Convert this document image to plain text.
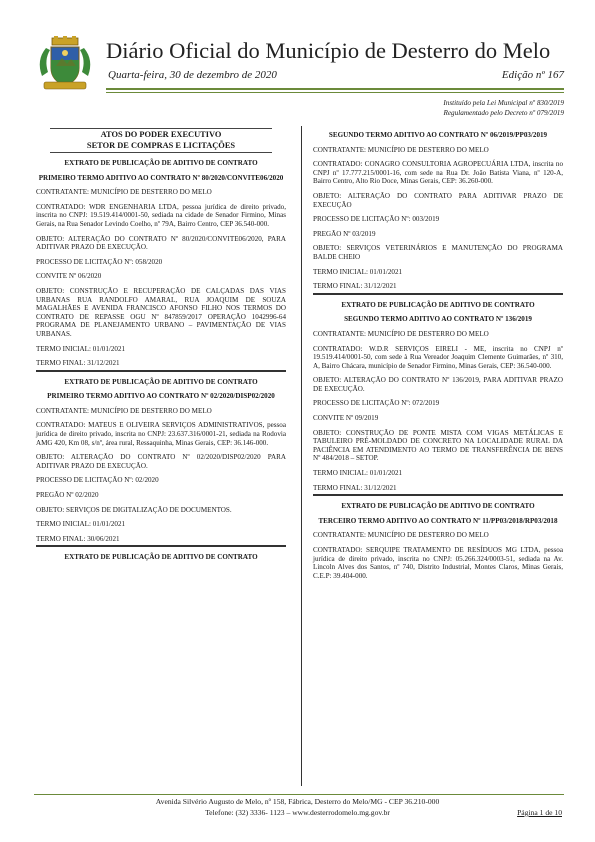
Diário Oficial do Município de Desterro do Melo
Quarta-feira, 30 de dezembro de 2020	Edição nº 167
Instituído pela Lei Municipal nº 830/2019
Regulamentado pelo Decreto nº 079/2019
ATOS DO PODER EXECUTIVO
SETOR DE COMPRAS E LICITAÇÕES
EXTRATO DE PUBLICAÇÃO DE ADITIVO DE CONTRATO
PRIMEIRO TERMO ADITIVO AO CONTRATO Nº 80/2020/CONVITE06/2020
CONTRATANTE: MUNICÍPIO DE DESTERRO DO MELO
CONTRATADO: WDR ENGENHARIA LTDA, pessoa jurídica de direito privado, inscrita no CNPJ: 19.519.414/0001-50, sediada na cidade de Senador Firmino, Minas Gerais, na Rua Senador Levindo Coelho, nº 79A, Bairro Centro, CEP 36.540-000.
OBJETO: ALTERAÇÃO DO CONTRATO Nº 80/2020/CONVITE06/2020, PARA ADITIVAR PRAZO DE EXECUÇÃO.
PROCESSO DE LICITAÇÃO Nº: 058/2020
CONVITE Nº 06/2020
OBJETO: CONSTRUÇÃO E RECUPERAÇÃO DE CALÇADAS DAS VIAS URBANAS RUA RANDOLFO AMARAL, RUA JOAQUIM DE SOUZA MAGALHÃES E AVENIDA FRANCISCO AFONSO FILHO NOS TERMOS DO CONTRATO DE REPASSE OGU Nº 847859/2017 OPERAÇÃO 1042996-64 PROGRAMA DE PLANEJAMENTO URBANO – PAVIMENTAÇÃO DE VIAS URBANAS.
TERMO INICIAL: 01/01/2021
TERMO FINAL: 31/12/2021
EXTRATO DE PUBLICAÇÃO DE ADITIVO DE CONTRATO
PRIMEIRO TERMO ADITIVO AO CONTRATO Nº 02/2020/DISP02/2020
CONTRATANTE: MUNICÍPIO DE DESTERRO DO MELO
CONTRATADO: MATEUS E OLIVEIRA SERVIÇOS ADMINISTRATIVOS, pessoa jurídica de direito privado, inscrita no CNPJ: 23.637.316/0001-21, sediada na Rodovia AMG 420, Km 08, s/nº, área rural, Ressaquinha, Minas Gerais, CEP: 36.146-000.
OBJETO: ALTERAÇÃO DO CONTRATO Nº 02/2020/DISP02/2020 PARA ADITIVAR PRAZO DE EXECUÇÃO.
PROCESSO DE LICITAÇÃO Nº: 02/2020
PREGÃO Nº 02/2020
OBJETO: SERVIÇOS DE DIGITALIZAÇÃO DE DOCUMENTOS.
TERMO INICIAL: 01/01/2021
TERMO FINAL: 30/06/2021
EXTRATO DE PUBLICAÇÃO DE ADITIVO DE CONTRATO
SEGUNDO TERMO ADITIVO AO CONTRATO Nº 06/2019/PP03/2019
CONTRATANTE: MUNICÍPIO DE DESTERRO DO MELO
CONTRATADO: CONAGRO CONSULTORIA AGROPECUÁRIA LTDA, inscrita no CNPJ nº 17.777.215/0001-16, com sede na Rua Dr. João Batista Viana, nº 120-A, Bairro Centro, Alto Rio Doce, Minas Gerais, CEP: 36.260-000.
OBJETO: ALTERAÇÃO DO CONTRATO PARA ADITIVAR PRAZO DE EXECUÇÃO
PROCESSO DE LICITAÇÃO Nº: 003/2019
PREGÃO Nº 03/2019
OBJETO: SERVIÇOS VETERINÁRIOS E MANUTENÇÃO DO PROGRAMA BALDE CHEIO
TERMO INICIAL: 01/01/2021
TERMO FINAL: 31/12/2021
EXTRATO DE PUBLICAÇÃO DE ADITIVO DE CONTRATO
SEGUNDO TERMO ADITIVO AO CONTRATO Nº 136/2019
CONTRATANTE: MUNICÍPIO DE DESTERRO DO MELO
CONTRATADO: W.D.R SERVIÇOS EIRELI - ME, inscrita no CNPJ nº 19.519.414/0001-50, com sede à Rua Vereador Joaquim Clemente Guimarães, nº 310, A, Bairro Chácara, município de Senador Firmino, Minas Gerais, CEP: 36.540-000.
OBJETO: ALTERAÇÃO DO CONTRATO Nº 136/2019, PARA ADITIVAR PRAZO DE EXECUÇÃO.
PROCESSO DE LICITAÇÃO Nº: 072/2019
CONVITE Nº 09/2019
OBJETO: CONSTRUÇÃO DE PONTE MISTA COM VIGAS METÁLICAS E TABULEIRO PRÉ-MOLDADO DE CONCRETO NA LOCALIDADE RURAL DA PACIÊNCIA EM ATENDIMENTO AO TERMO DE TRANSFERÊNCIA DE BENS Nº 484/2018 – SETOP.
TERMO INICIAL: 01/01/2021
TERMO FINAL: 31/12/2021
EXTRATO DE PUBLICAÇÃO DE ADITIVO DE CONTRATO
TERCEIRO TERMO ADITIVO AO CONTRATO Nº 11/PP03/2018/RP03/2018
CONTRATANTE: MUNICÍPIO DE DESTERRO DO MELO
CONTRATADO: SERQUIPE TRATAMENTO DE RESÍDUOS MG LTDA, pessoa jurídica de direito privado, inscrita no CNPJ: 05.266.324/0003-51, sediada na Av. Lincoln Alves dos Santos, nº 740, Distrito Industrial, Montes Claros, Minas Gerais, C.E.P: 39.404-000.
Avenida Silvério Augusto de Melo, nº 158, Fábrica, Desterro do Melo/MG - CEP 36.210-000
Telefone: (32) 3336- 1123 – www.desterrodomelo.mg.gov.br	Página 1 de 10
